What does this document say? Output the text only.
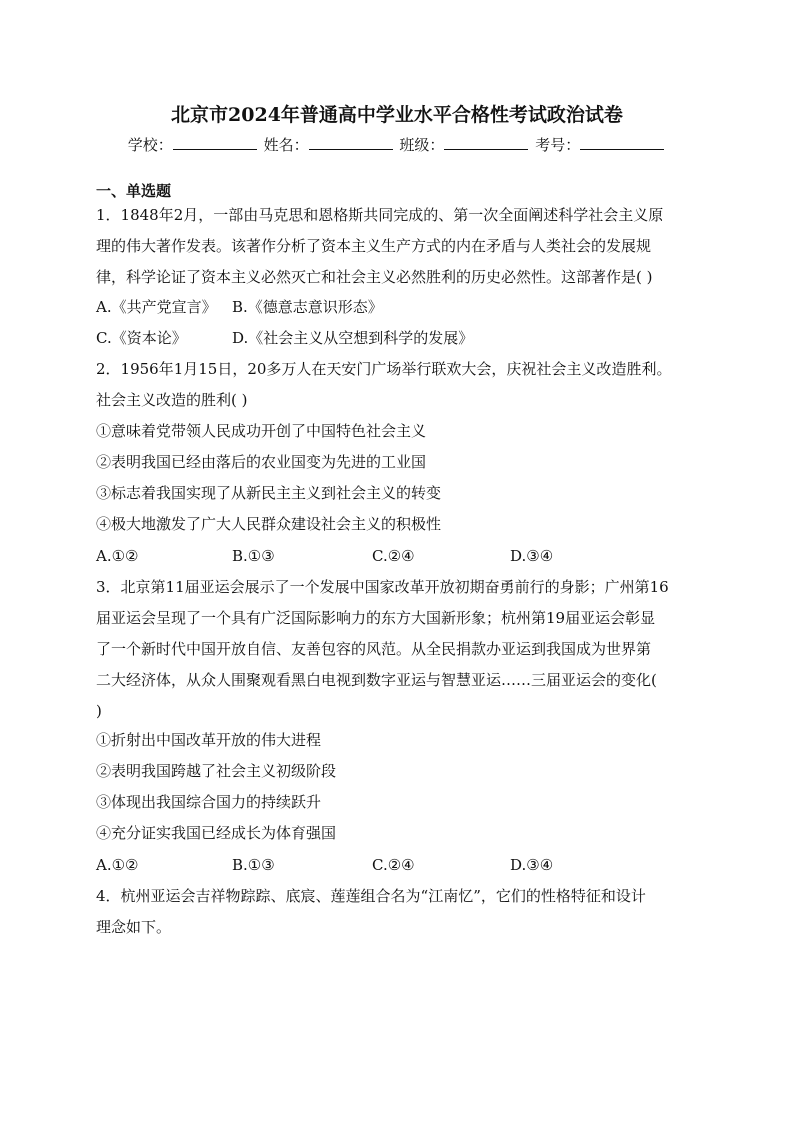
北京市2024年普通高中学业水平合格性考试政治试卷
学校：	姓名：	班级：	考号：
一、单选题
1．1848年2月，一部由马克思和恩格斯共同完成的、第一次全面阐述科学社会主义原
理的伟大著作发表。该著作分析了资本主义生产方式的内在矛盾与人类社会的发展规
律，科学论证了资本主义必然灭亡和社会主义必然胜利的历史必然性。这部著作是( )
A.《共产党宣言》 B.《德意志意识形态》
C.《资本论》	D.《社会主义从空想到科学的发展》
2．1956年1月15日，20多万人在天安门广场举行联欢大会，庆祝社会主义改造胜利。
社会主义改造的胜利( )
①意味着党带领人民成功开创了中国特色社会主义
②表明我国已经由落后的农业国变为先进的工业国
③标志着我国实现了从新民主主义到社会主义的转变
④极大地激发了广大人民群众建设社会主义的积极性
A.①②	B.①③	C.②④	D.③④
3．北京第11届亚运会展示了一个发展中国家改革开放初期奋勇前行的身影；广州第16
届亚运会呈现了一个具有广泛国际影响力的东方大国新形象；杭州第19届亚运会彰显
了一个新时代中国开放自信、友善包容的风范。从全民捐款办亚运到我国成为世界第
二大经济体，从众人围聚观看黑白电视到数字亚运与智慧亚运……三届亚运会的变化(
)
①折射出中国改革开放的伟大进程
②表明我国跨越了社会主义初级阶段
③体现出我国综合国力的持续跃升
④充分证实我国已经成长为体育强国
A.①②	B.①③	C.②④	D.③④
4．杭州亚运会吉祥物踪踪、底宸、莲莲组合名为“江南忆”，它们的性格特征和设计
理念如下。
